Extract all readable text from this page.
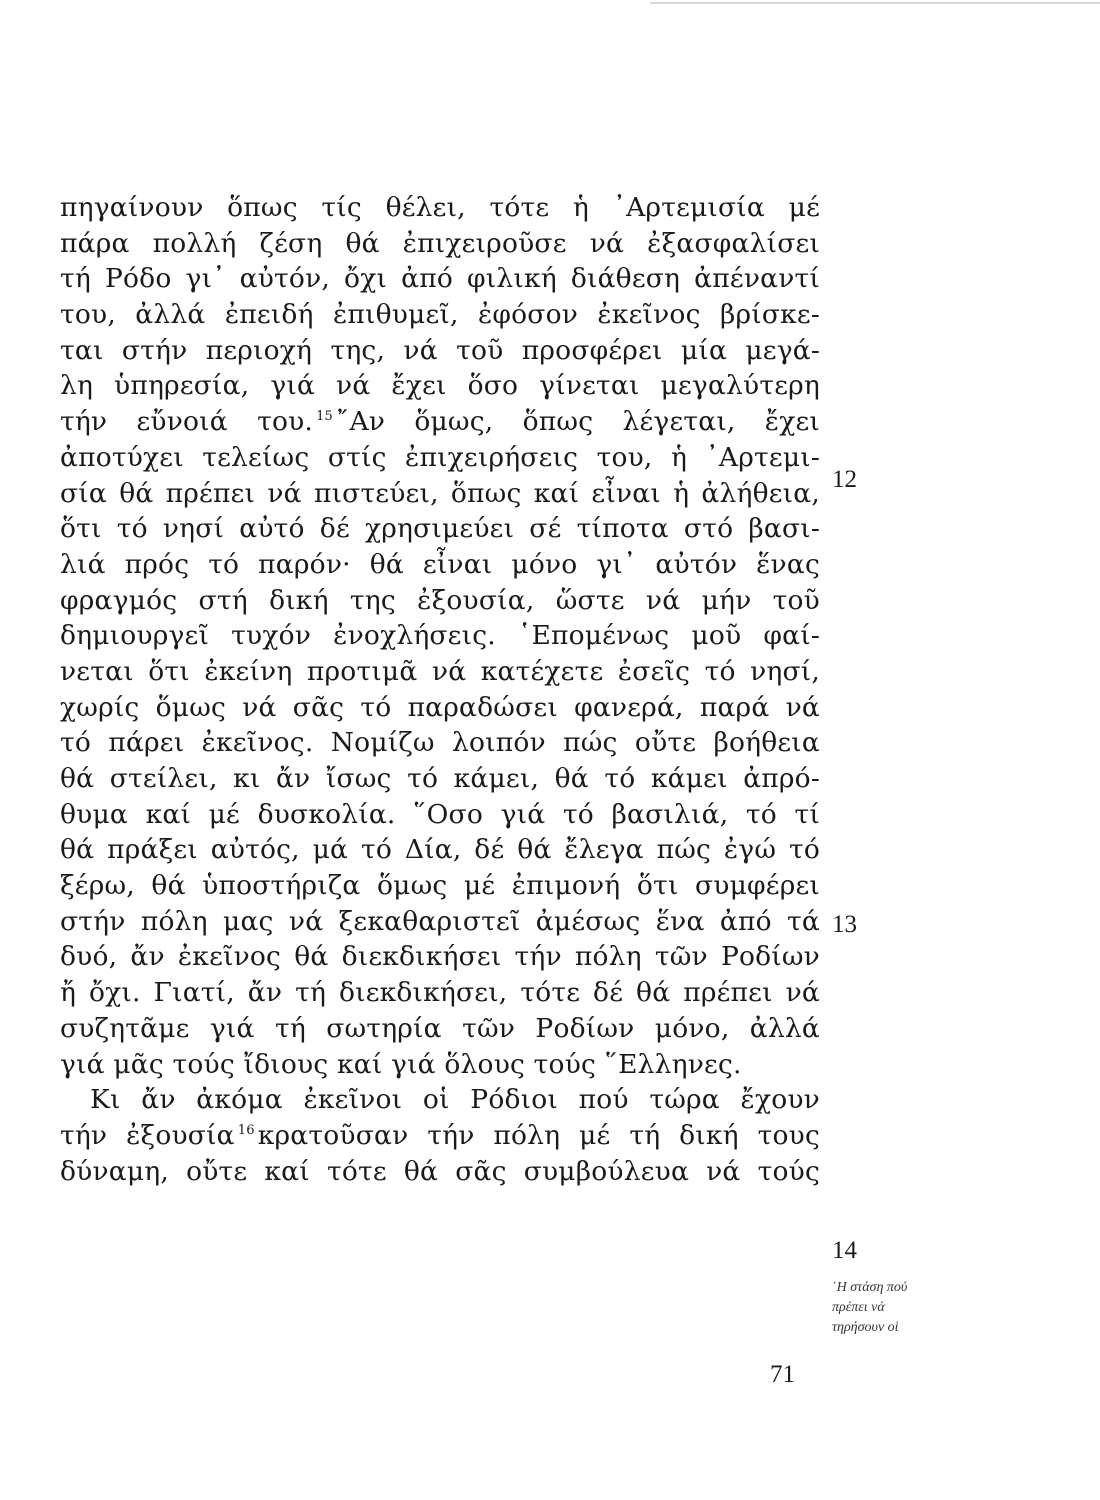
πηγαίνουν ὅπως τίς θέλει, τότε ἡ ᾿Αρτεμισία μέ
πάρα πολλή ζέση θά ἐπιχειροῦσε νά ἐξασφαλίσει
τή Ρόδο γι᾿ αὐτόν, ὄχι ἀπό φιλική διάθεση ἀπέναντί
του, ἀλλά ἐπειδή ἐπιθυμεῖ, ἐφόσον ἐκεῖνος βρίσκε-
ται στήν περιοχή της, νά τοῦ προσφέρει μία μεγά-
λη ὑπηρεσία, γιά νά ἔχει ὅσο γίνεται μεγαλύτερη
τήν εὔνοιά του. $^{15}$ ῎Αν ὅμως, ὅπως λέγεται, ἔχει
ἀποτύχει τελείως στίς ἐπιχειρήσεις του, ἡ ᾿Αρτεμι-
σία θά πρέπει νά πιστεύει, ὅπως καί εἶναι ἡ ἀλήθεια,
ὅτι τό νησί αὐτό δέ χρησιμεύει σέ τίποτα στό βασι-
λιά πρός τό παρόν· θά εἶναι μόνο γι᾿ αὐτόν ἕνας
φραγμός στή δική της ἐξουσία, ὥστε νά μήν τοῦ
δημιουργεῖ τυχόν ἐνοχλήσεις. ῾Επομένως μοῦ φαί-
νεται ὅτι ἐκείνη προτιμᾶ νά κατέχετε ἐσεῖς τό νησί,
χωρίς ὅμως νά σᾶς τό παραδώσει φανερά, παρά νά
τό πάρει ἐκεῖνος. Νομίζω λοιπόν πώς οὔτε βοήθεια
θά στείλει, κι ἄν ἴσως τό κάμει, θά τό κάμει ἀπρό-
θυμα καί μέ δυσκολία. ῞Οσο γιά τό βασιλιά, τό τί
θά πράξει αὐτός, μά τό Δία, δέ θά ἔλεγα πώς ἐγώ τό
ξέρω, θά ὑποστήριζα ὅμως μέ ἐπιμονή ὅτι συμφέρει
στήν πόλη μας νά ξεκαθαριστεῖ ἀμέσως ἕνα ἀπό τά
δυό, ἄν ἐκεῖνος θά διεκδικήσει τήν πόλη τῶν Ροδίων
ἤ ὄχι. Γιατί, ἄν τή διεκδικήσει, τότε δέ θά πρέπει νά
συζητᾶμε γιά τή σωτηρία τῶν Ροδίων μόνο, ἀλλά
γιά μᾶς τούς ἴδιους καί γιά ὅλους τούς ῞Ελληνες.
Κι ἄν ἀκόμα ἐκεῖνοι οἱ Ρόδιοι πού τώρα ἔχουν
τήν ἐξουσία $^{16}$ κρατοῦσαν τήν πόλη μέ τή δική τους
δύναμη, οὔτε καί τότε θά σᾶς συμβούλευα νά τούς
12
13
14
῾Η στάση πού
πρέπει νά
τηρήσουν οἱ
71
